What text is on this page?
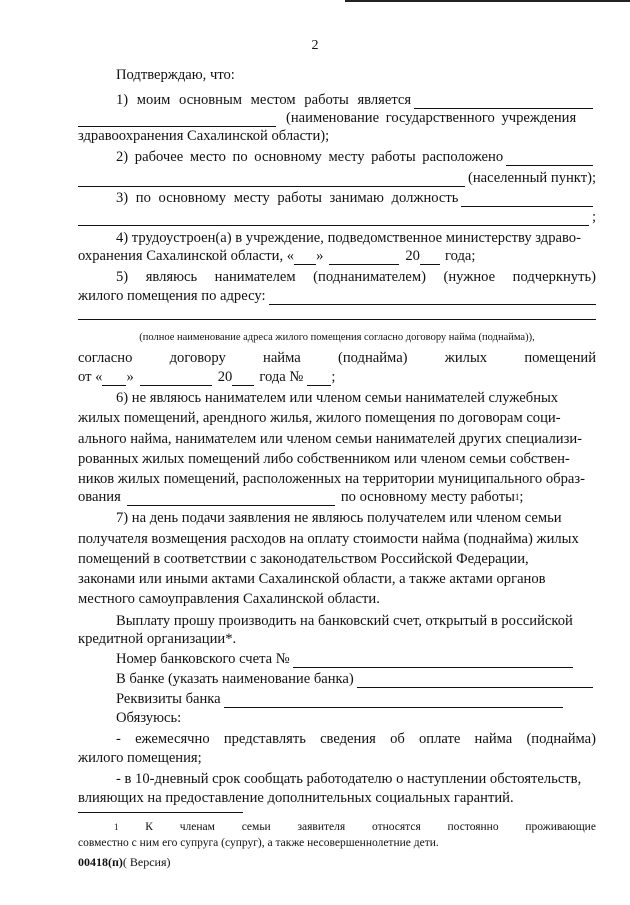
2
Подтверждаю, что:
1) моим основным местом работы является
(наименование государственного учреждения
здравоохранения Сахалинской области);
2) рабочее место по основному месту работы расположено
(населенный пункт);
3) по основному месту работы занимаю должность
;
4) трудоустроен(а) в учреждение, подведомственное министерству здраво-
охранения Сахалинской области, « »	20 года;
5) являюсь нанимателем (поднанимателем) (нужное подчеркнуть)
жилого помещения по адресу:
(полное наименование адреса жилого помещения согласно договору найма (поднайма)),
согласно	договору	найма	(поднайма)	жилых	помещений
от « »	20 года № ;
6) не являюсь нанимателем или членом семьи нанимателей служебных
жилых помещений, арендного жилья, жилого помещения по договорам соци-
ального найма, нанимателем или членом семьи нанимателей других специализи-
рованных жилых помещений либо собственником или членом семьи собствен-
ников жилых помещений, расположенных на территории муниципального образ-
ования	по основному месту работы 1 ;
7) на день подачи заявления не являюсь получателем или членом семьи
получателя возмещения расходов на оплату стоимости найма (поднайма) жилых
помещений в соответствии с законодательством Российской Федерации,
законами или иными актами Сахалинской области, а также актами органов
местного самоуправления Сахалинской области.
Выплату прошу производить на банковский счет, открытый в российской
кредитной организации*.
Номер банковского счета №
В банке (указать наименование банка)
Реквизиты банка
Обязуюсь:
- ежемесячно представлять сведения об оплате найма (поднайма)
жилого помещения;
- в 10-дневный срок сообщать работодателю о наступлении обстоятельств,
влияющих на предоставление дополнительных социальных гарантий.
$^1$ К членам семьи заявителя относятся постоянно проживающие
совместно с ним его супруга (супруг), а также несовершеннолетние дети.
00418(п)( Версия)
